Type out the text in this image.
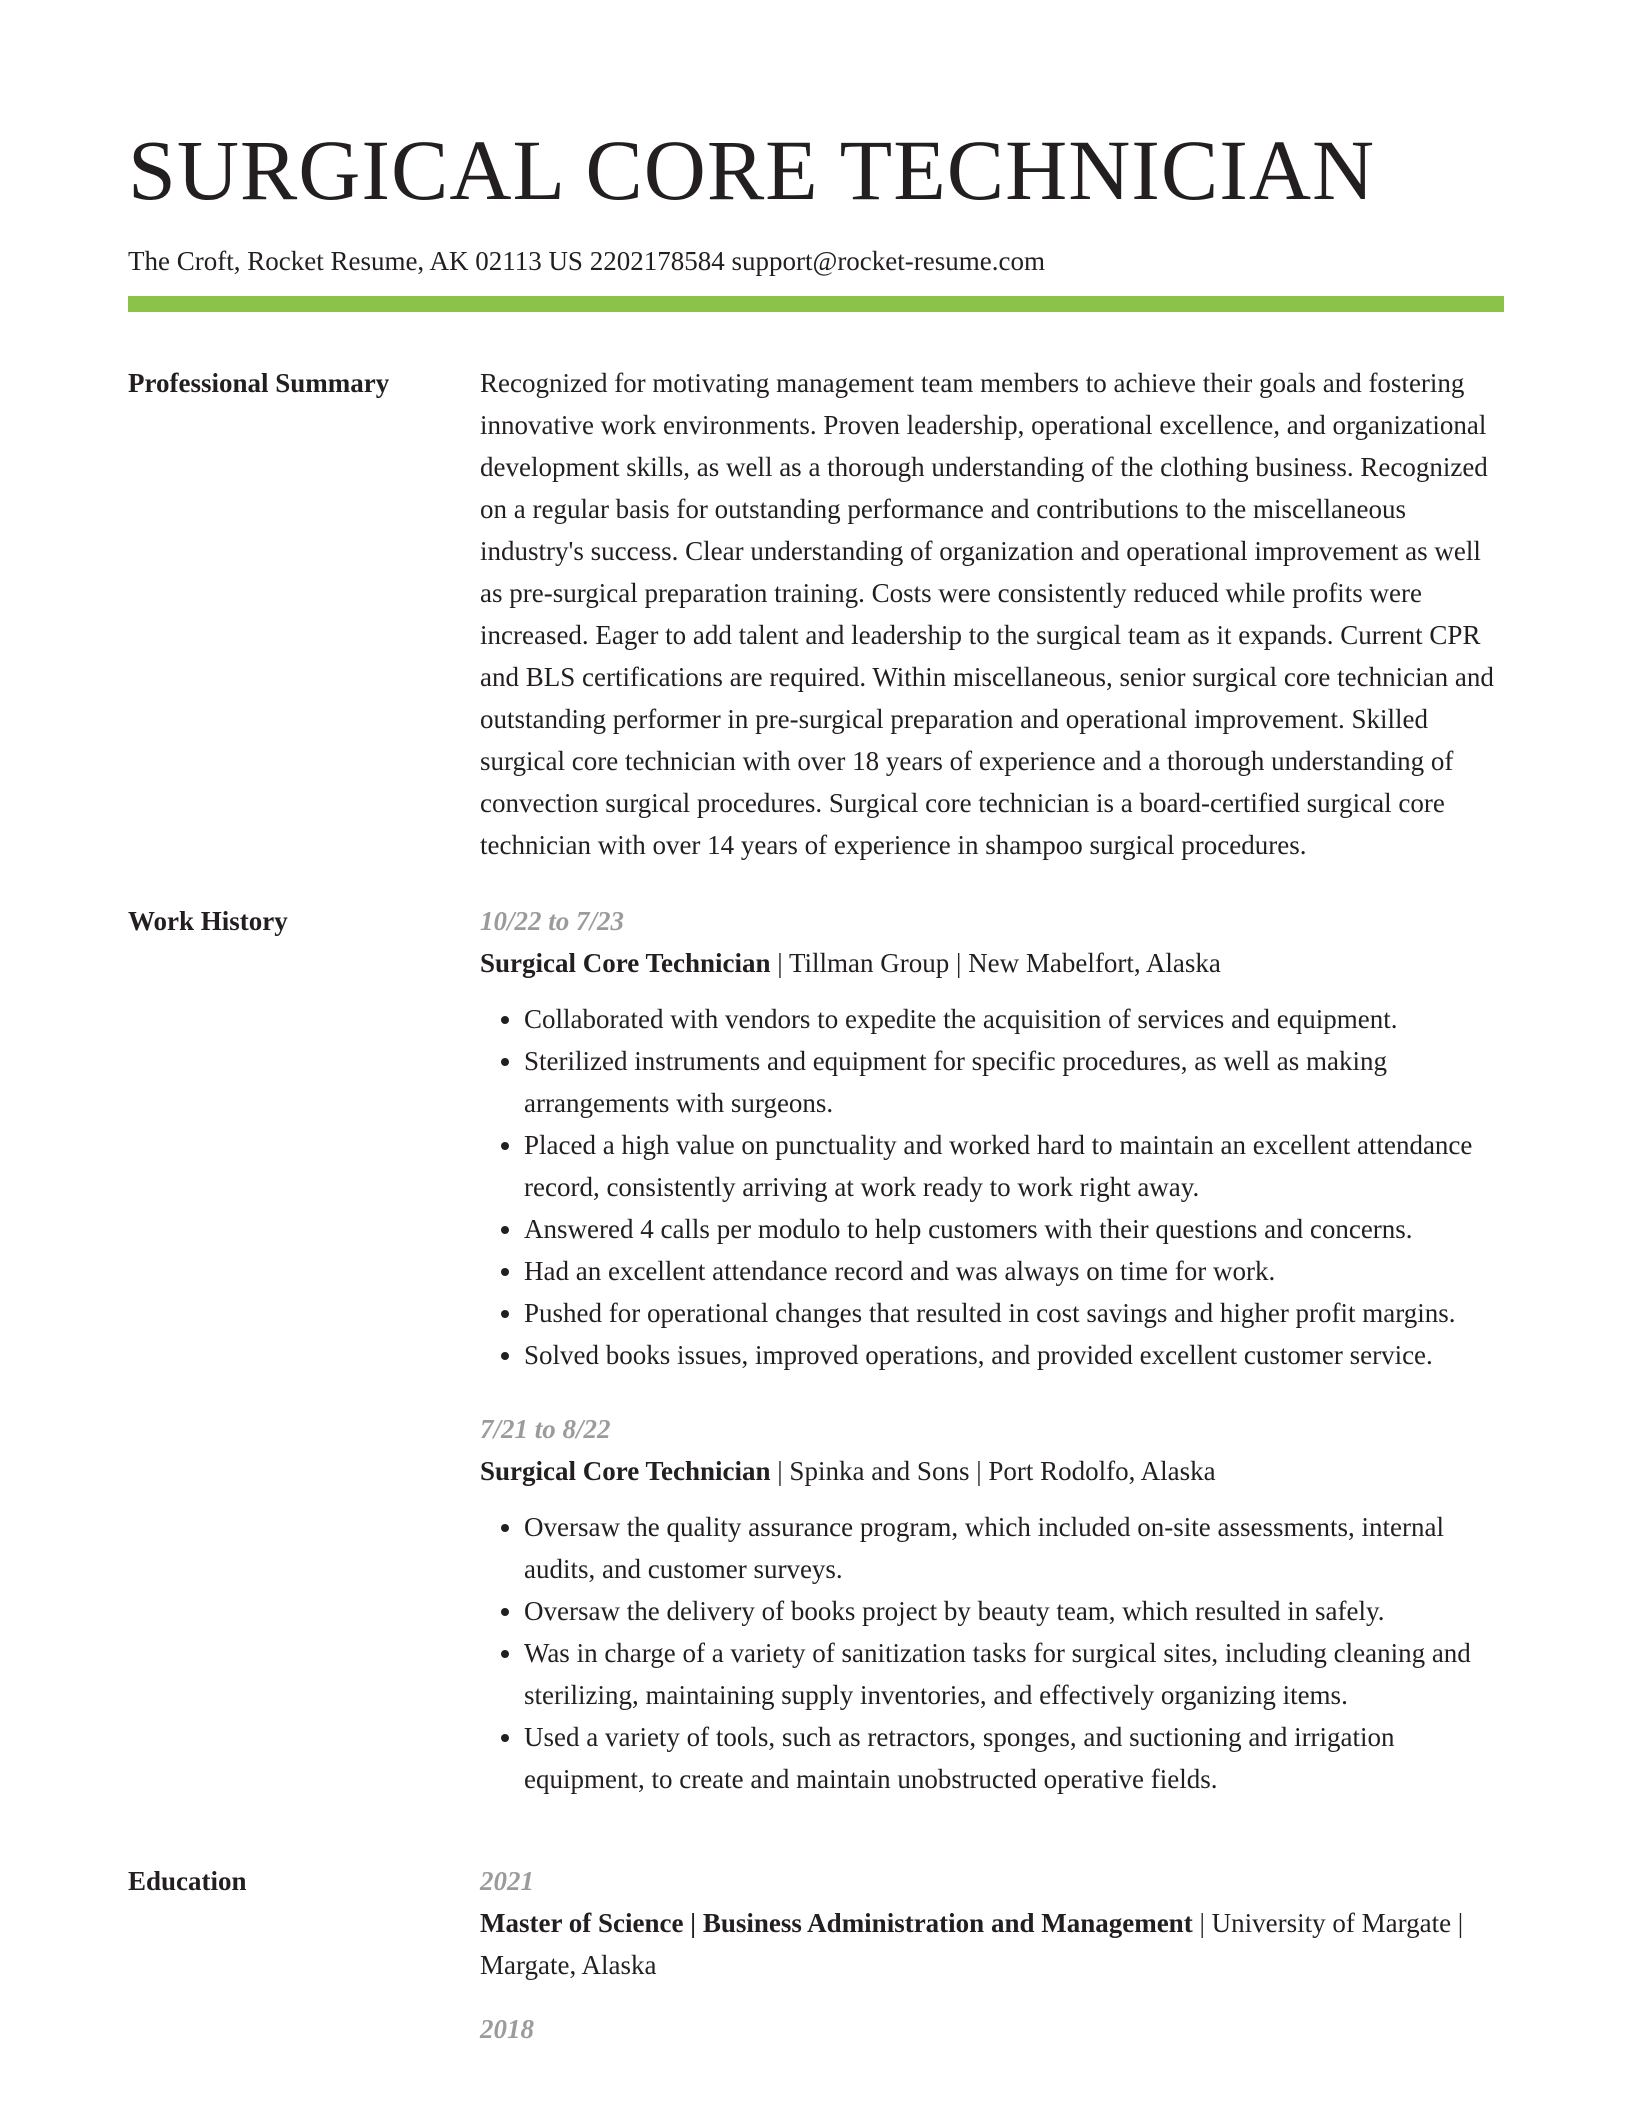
SURGICAL CORE TECHNICIAN
The Croft, Rocket Resume, AK 02113 US 2202178584 support@rocket-resume.com
Professional Summary	Recognized for motivating management team members to achieve their goals and fostering innovative work environments. Proven leadership, operational excellence, and organizational development skills, as well as a thorough understanding of the clothing business. Recognized on a regular basis for outstanding performance and contributions to the miscellaneous industry's success. Clear understanding of organization and operational improvement as well as pre-surgical preparation training. Costs were consistently reduced while profits were increased. Eager to add talent and leadership to the surgical team as it expands. Current CPR and BLS certifications are required. Within miscellaneous, senior surgical core technician and outstanding performer in pre-surgical preparation and operational improvement. Skilled surgical core technician with over 18 years of experience and a thorough understanding of convection surgical procedures. Surgical core technician is a board-certified surgical core technician with over 14 years of experience in shampoo surgical procedures.

Work History	10/22 to 7/23

Surgical Core Technician | Tillman Group | New Mabelfort, Alaska

• Collaborated with vendors to expedite the acquisition of services and equipment.
• Sterilized instruments and equipment for specific procedures, as well as making arrangements with surgeons.
• Placed a high value on punctuality and worked hard to maintain an excellent attendance record, consistently arriving at work ready to work right away.
• Answered 4 calls per modulo to help customers with their questions and concerns.
• Had an excellent attendance record and was always on time for work.
• Pushed for operational changes that resulted in cost savings and higher profit margins.
• Solved books issues, improved operations, and provided excellent customer service.

7/21 to 8/22

Surgical Core Technician | Spinka and Sons | Port Rodolfo, Alaska

• Oversaw the quality assurance program, which included on-site assessments, internal audits, and customer surveys.
• Oversaw the delivery of books project by beauty team, which resulted in safely.
• Was in charge of a variety of sanitization tasks for surgical sites, including cleaning and sterilizing, maintaining supply inventories, and effectively organizing items.
• Used a variety of tools, such as retractors, sponges, and suctioning and irrigation equipment, to create and maintain unobstructed operative fields.
Education	2021

Master of Science | Business Administration and Management | University of Margate | Margate, Alaska

2018
